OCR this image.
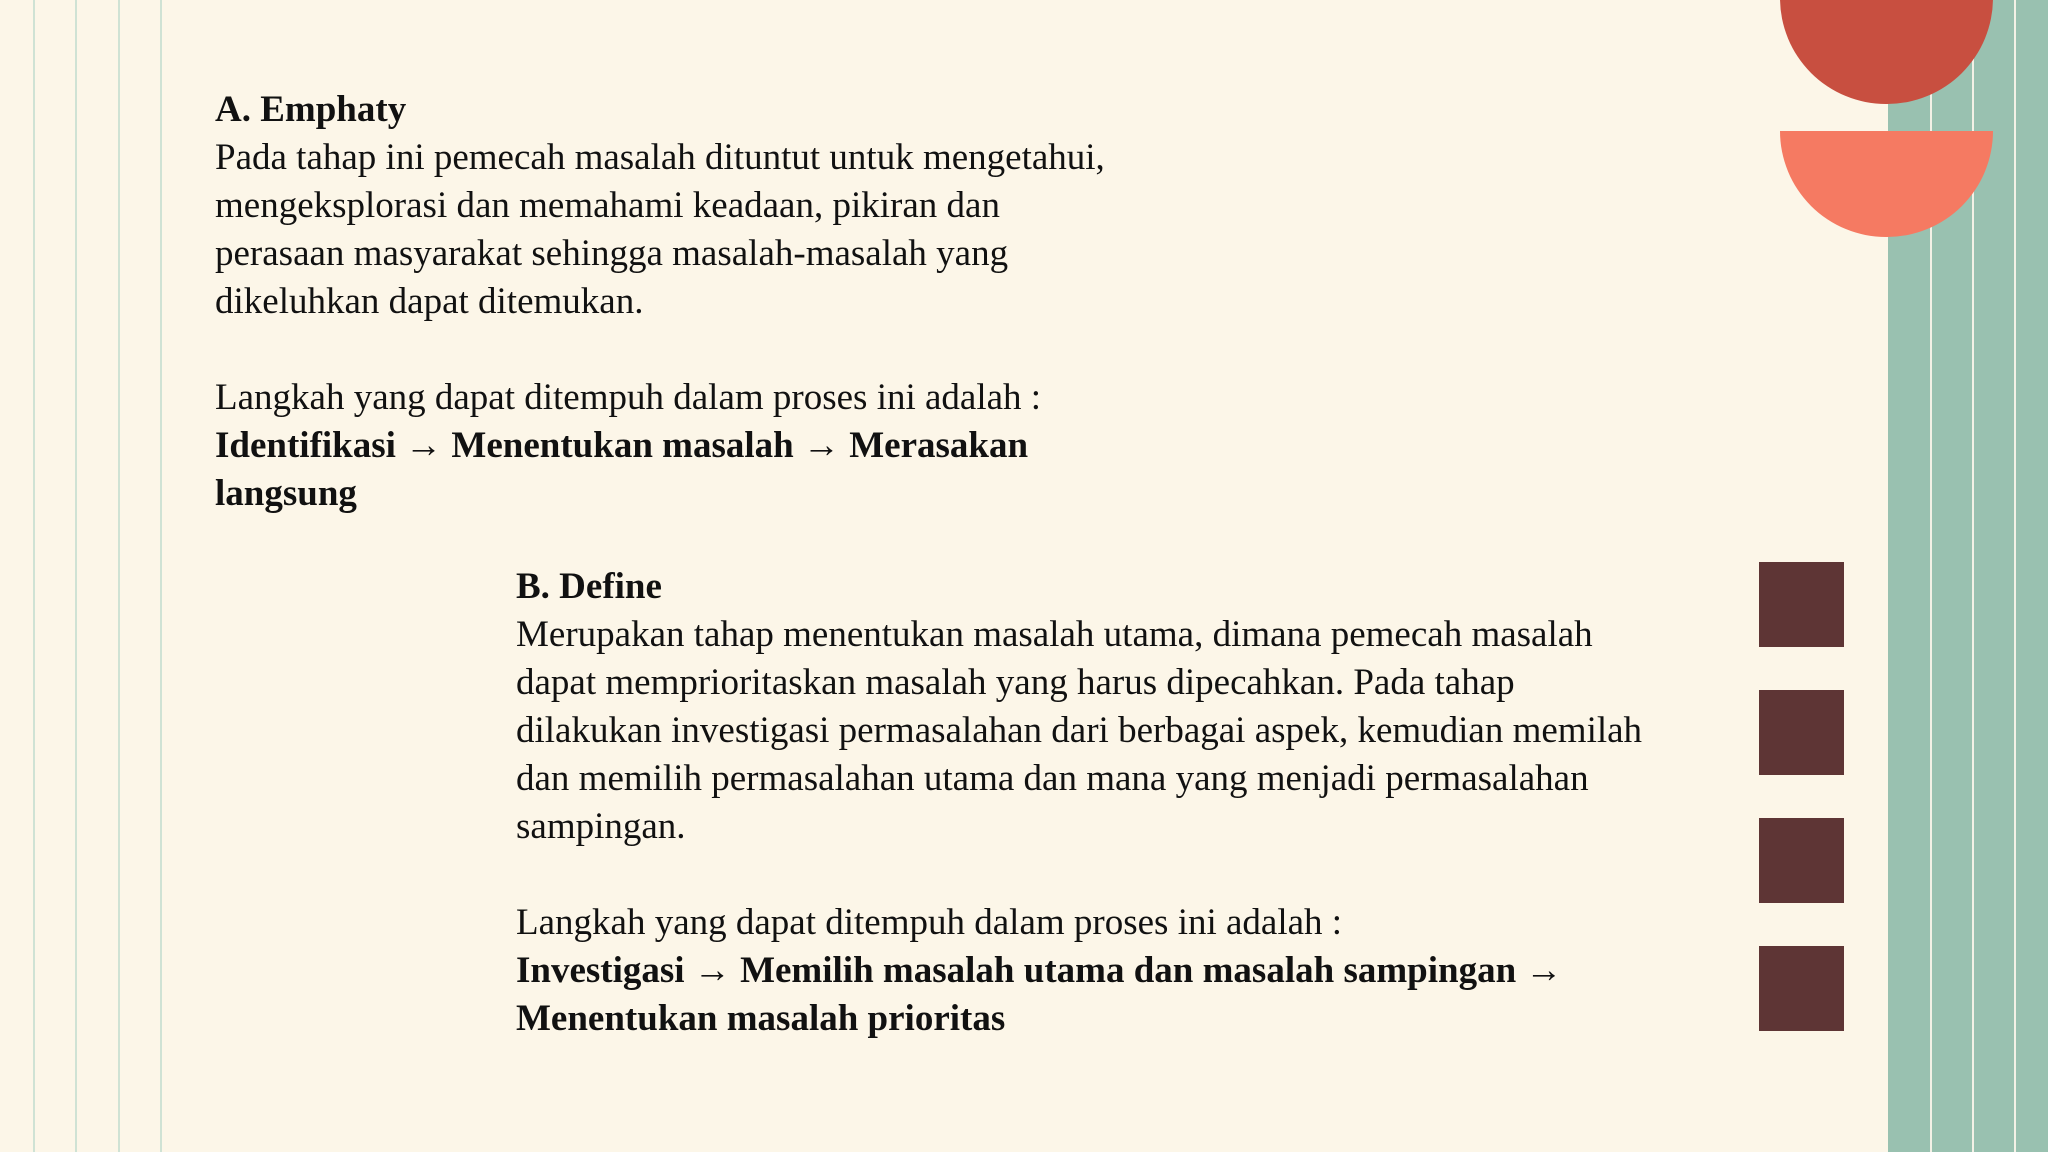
A. Emphaty
Pada tahap ini pemecah masalah dituntut untuk mengetahui,
mengeksplorasi dan memahami keadaan, pikiran dan
perasaan masyarakat sehingga masalah-masalah yang
dikeluhkan dapat ditemukan.
Langkah yang dapat ditempuh dalam proses ini adalah :
Identifikasi → Menentukan masalah → Merasakan
langsung
B. Define
Merupakan tahap menentukan masalah utama, dimana pemecah masalah
dapat memprioritaskan masalah yang harus dipecahkan. Pada tahap
dilakukan investigasi permasalahan dari berbagai aspek, kemudian memilah
dan memilih permasalahan utama dan mana yang menjadi permasalahan
sampingan.
Langkah yang dapat ditempuh dalam proses ini adalah :
Investigasi → Memilih masalah utama dan masalah sampingan →
Menentukan masalah prioritas
